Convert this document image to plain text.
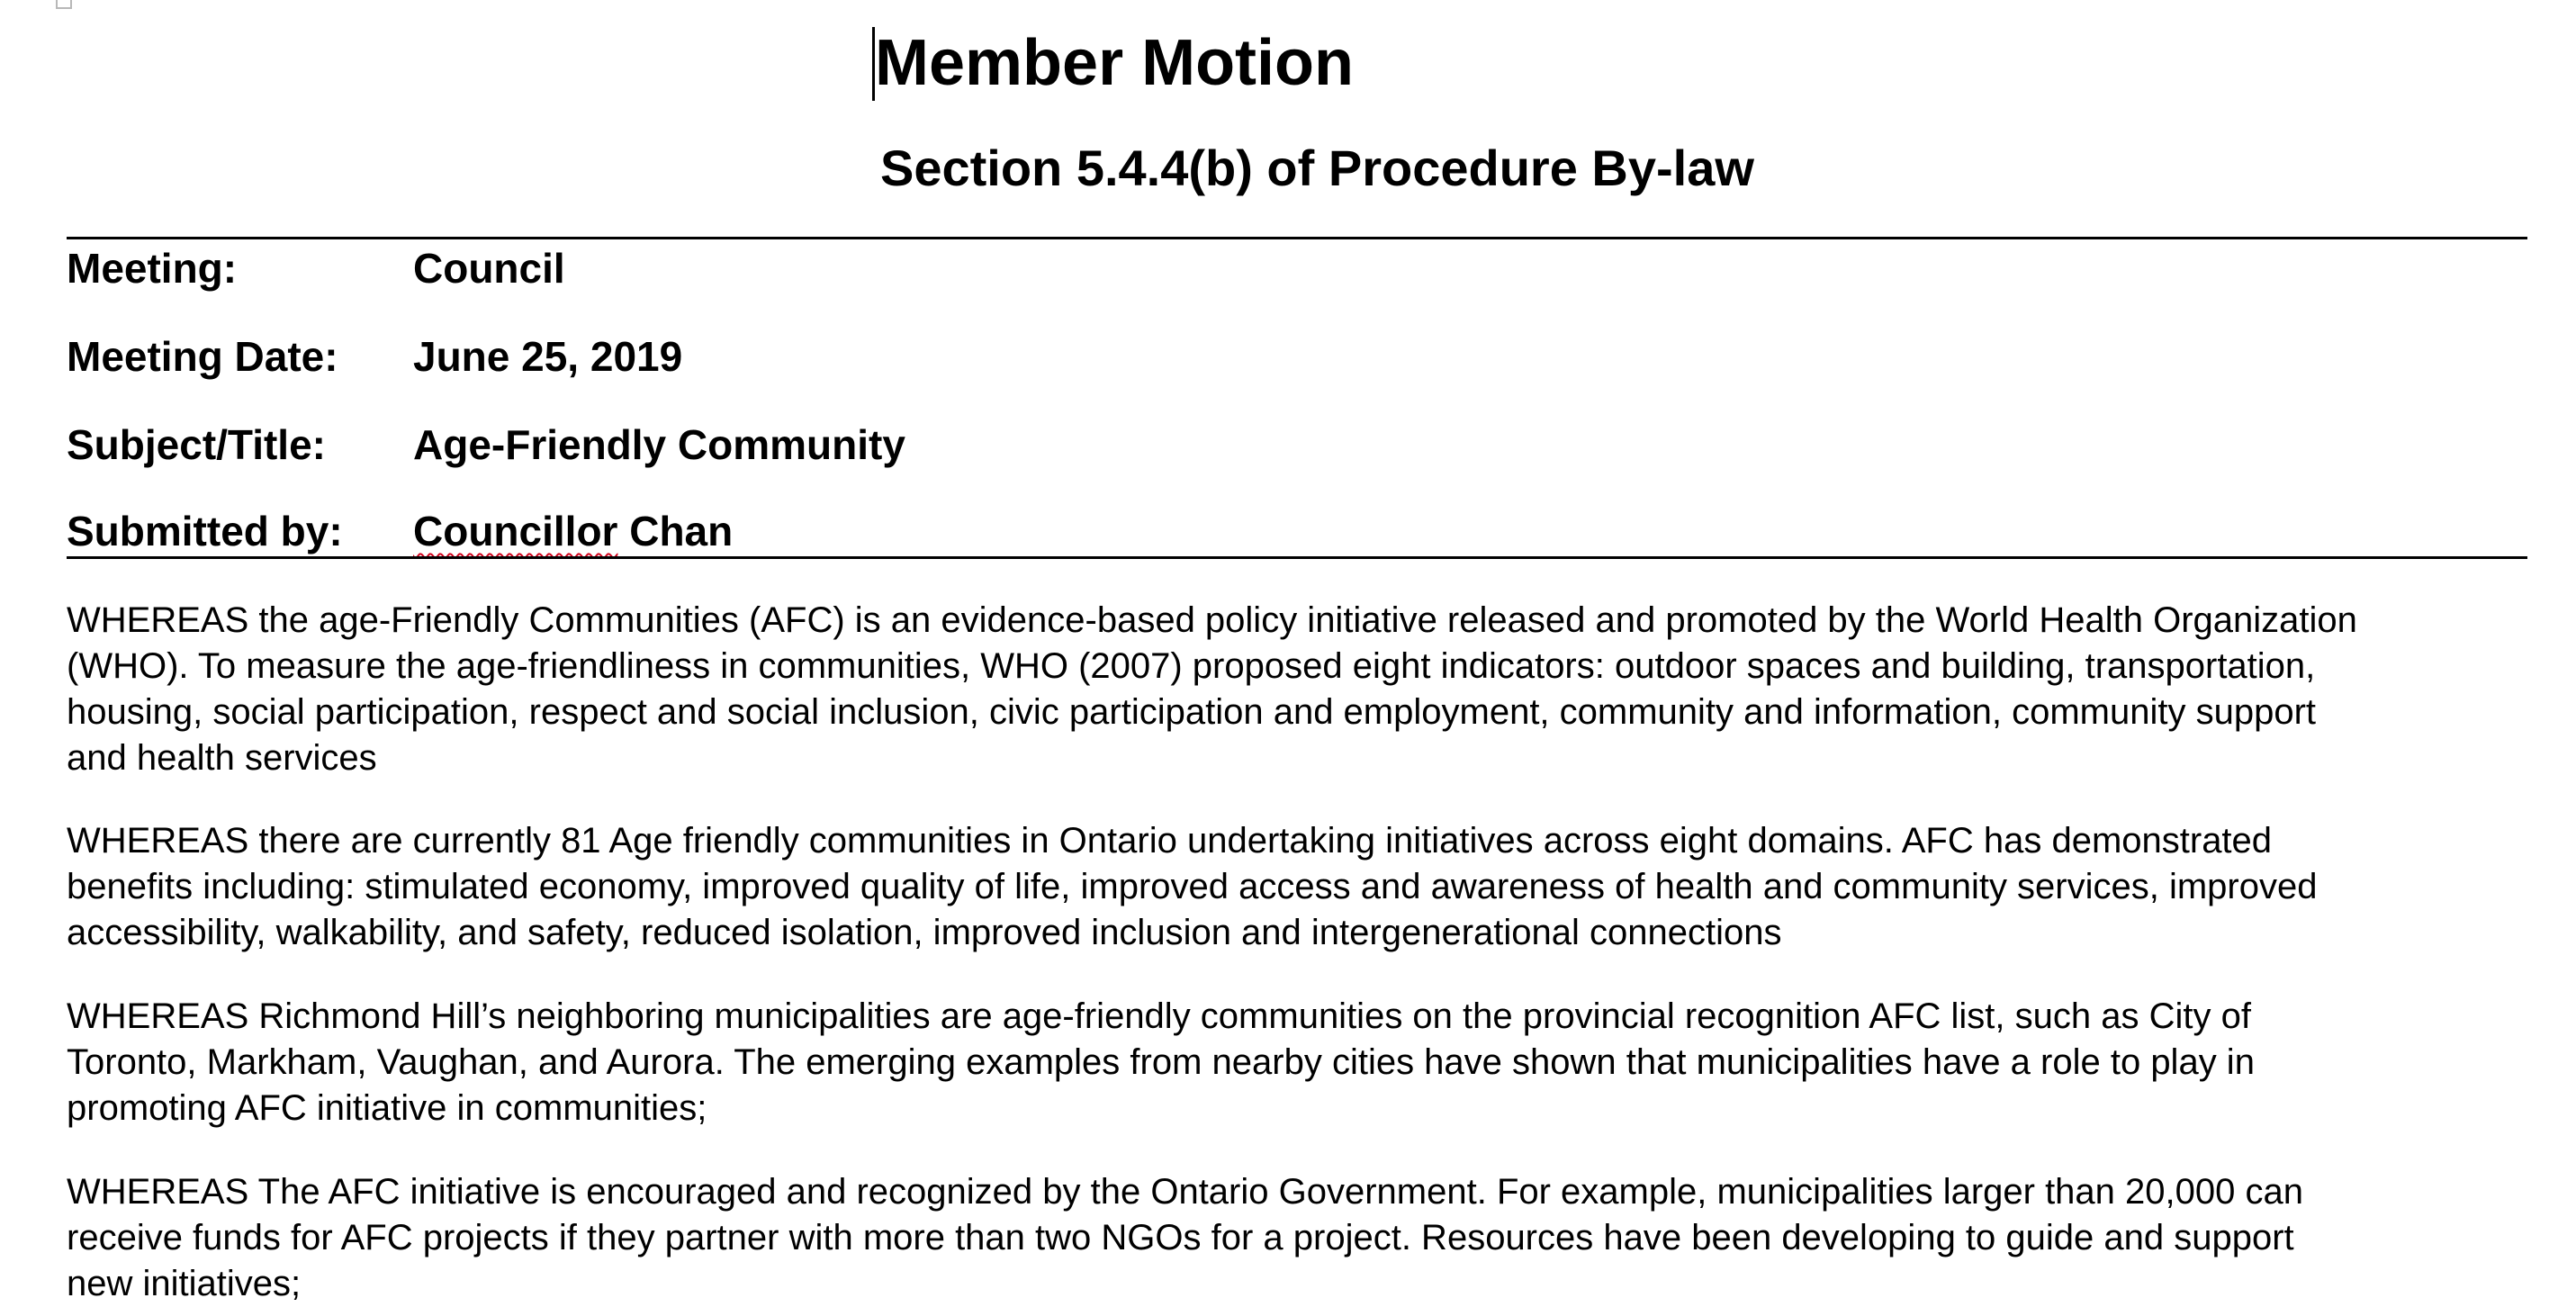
Member Motion
Section 5.4.4(b) of Procedure By-law
Meeting:	Council
Meeting Date: June 25, 2019
Subject/Title: Age-Friendly Community
Submitted by: Councillor Chan

WHEREAS the age-Friendly Communities (AFC) is an evidence-based policy initiative released and promoted by the World Health Organization
(WHO). To measure the age-friendliness in communities, WHO (2007) proposed eight indicators: outdoor spaces and building, transportation,
housing, social participation, respect and social inclusion, civic participation and employment, community and information, community support
and health services

WHEREAS there are currently 81 Age friendly communities in Ontario undertaking initiatives across eight domains. AFC has demonstrated
benefits including: stimulated economy, improved quality of life, improved access and awareness of health and community services, improved
accessibility, walkability, and safety, reduced isolation, improved inclusion and intergenerational connections

WHEREAS Richmond Hill’s neighboring municipalities are age-friendly communities on the provincial recognition AFC list, such as City of
Toronto, Markham, Vaughan, and Aurora. The emerging examples from nearby cities have shown that municipalities have a role to play in
promoting AFC initiative in communities;

WHEREAS The AFC initiative is encouraged and recognized by the Ontario Government. For example, municipalities larger than 20,000 can
receive funds for AFC projects if they partner with more than two NGOs for a project. Resources have been developing to guide and support
new initiatives;
